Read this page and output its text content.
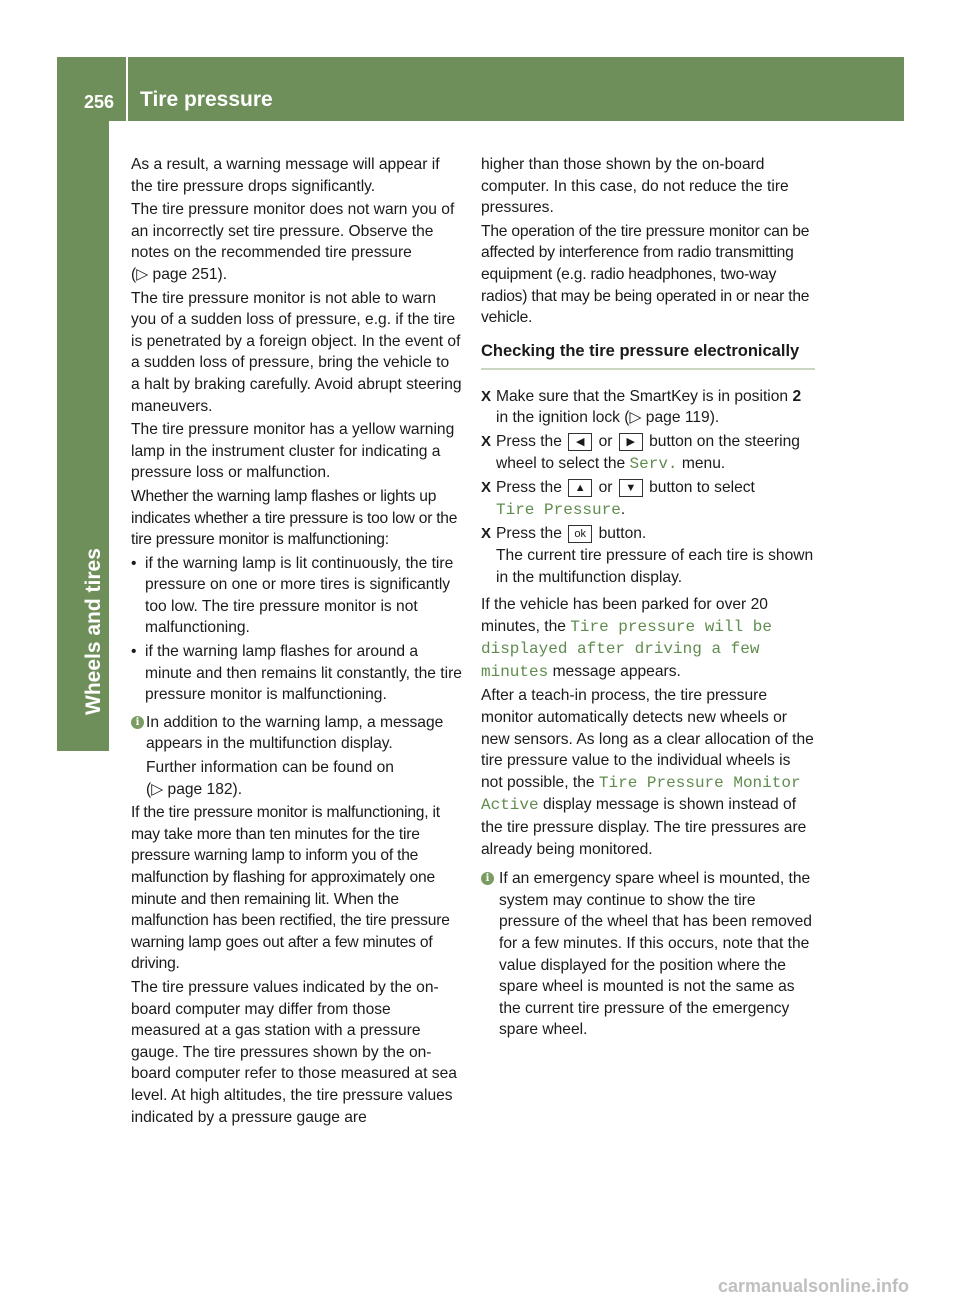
256 Tire pressure
Wheels and tires

As a result, a warning message will appear if the tire pressure drops significantly.

The tire pressure monitor does not warn you of an incorrectly set tire pressure. Observe the notes on the recommended tire pressure
(▷ page 251).

The tire pressure monitor is not able to warn you of a sudden loss of pressure, e.g. if the tire is penetrated by a foreign object. In the event of a sudden loss of pressure, bring the vehicle to a halt by braking carefully. Avoid abrupt steering maneuvers.

The tire pressure monitor has a yellow warning lamp in the instrument cluster for indicating a pressure loss or malfunction.

Whether the warning lamp flashes or lights up indicates whether a tire pressure is too low or the tire pressure monitor is malfunctioning:

• if the warning lamp is lit continuously, the tire pressure on one or more tires is significantly too low. The tire pressure monitor is not malfunctioning.
• if the warning lamp flashes for around a minute and then remains lit constantly, the tire pressure monitor is malfunctioning.
i In addition to the warning lamp, a message appears in the multifunction display.

Further information can be found on
(▷ page 182).

If the tire pressure monitor is malfunctioning, it may take more than ten minutes for the tire pressure warning lamp to inform you of the malfunction by flashing for approximately one minute and then remaining lit. When the malfunction has been rectified, the tire pressure warning lamp goes out after a few minutes of driving.

The tire pressure values indicated by the on-board computer may differ from those measured at a gas station with a pressure gauge. The tire pressures shown by the on-board computer refer to those measured at sea level. At high altitudes, the tire pressure values indicated by a pressure gauge are

higher than those shown by the on-board computer. In this case, do not reduce the tire pressures.

The operation of the tire pressure monitor can be affected by interference from radio transmitting equipment (e.g. radio headphones, two-way radios) that may be being operated in or near the vehicle.

Checking the tire pressure electronically
X Make sure that the SmartKey is in position 2 in the ignition lock (▷ page 119).
X Press the ◀ or ▶ button on the steering wheel to select the Serv. menu.
X Press the ▲ or ▼ button to select
Tire Pressure.
X Press the ok button.
The current tire pressure of each tire is shown in the multifunction display.

If the vehicle has been parked for over 20 minutes, the Tire pressure will be displayed after driving a few minutes message appears.

After a teach-in process, the tire pressure monitor automatically detects new wheels or new sensors. As long as a clear allocation of the tire pressure value to the individual wheels is not possible, the Tire Pressure Monitor Active display message is shown instead of the tire pressure display. The tire pressures are already being monitored.

i If an emergency spare wheel is mounted, the system may continue to show the tire pressure of the wheel that has been removed for a few minutes. If this occurs, note that the value displayed for the position where the spare wheel is mounted is not the same as the current tire pressure of the emergency spare wheel.

carmanualsonline.info
